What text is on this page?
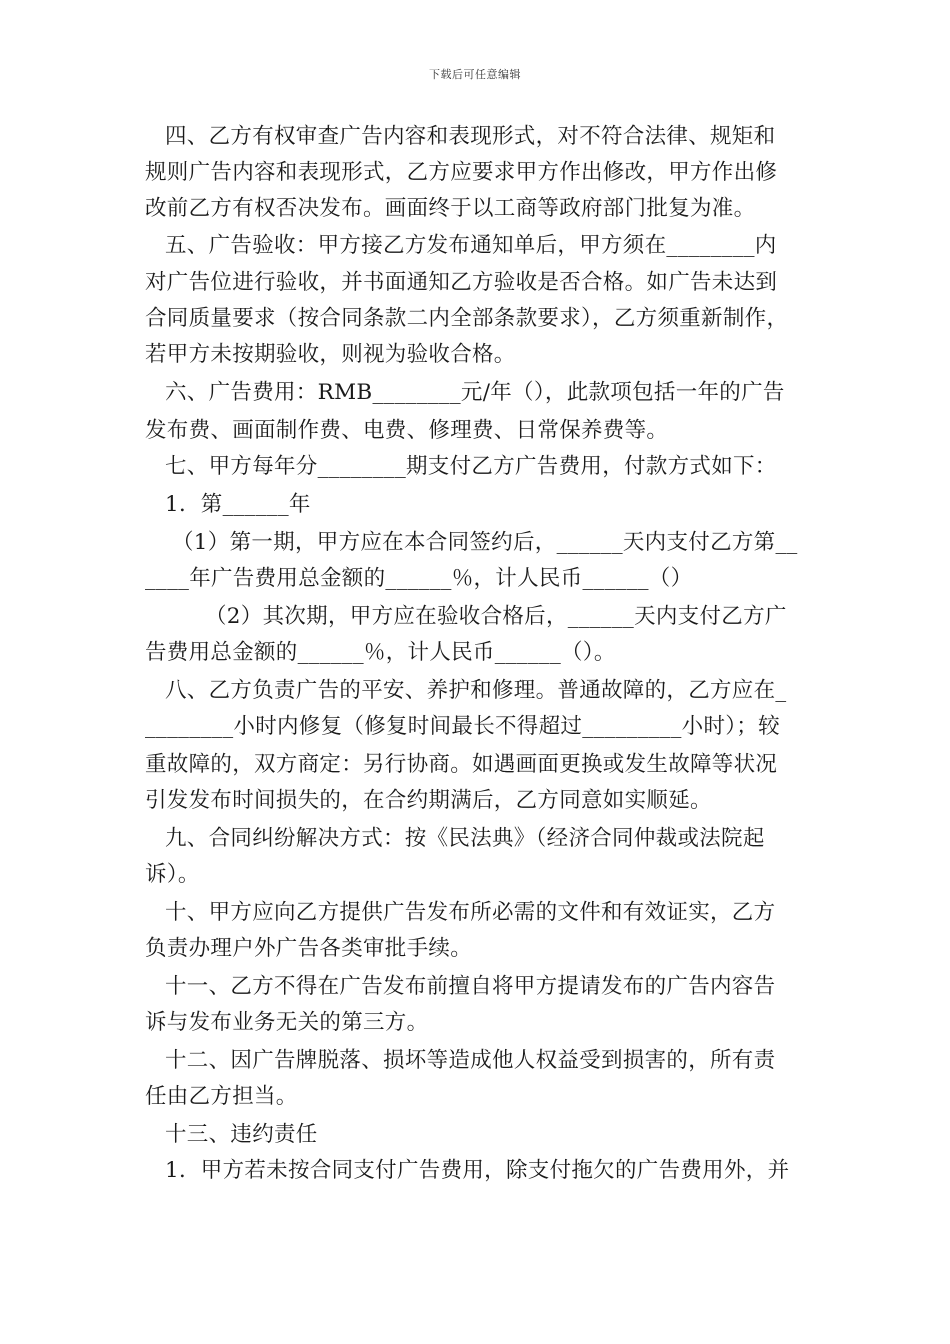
下载后可任意编辑
四、乙方有权审查广告内容和表现形式，对不符合法律、规矩和
规则广告内容和表现形式，乙方应要求甲方作出修改，甲方作出修
改前乙方有权否决发布。画面终于以工商等政府部门批复为准。
五、广告验收：甲方接乙方发布通知单后，甲方须在________内
对广告位进行验收，并书面通知乙方验收是否合格。如广告未达到
合同质量要求（按合同条款二内全部条款要求），乙方须重新制作，
若甲方未按期验收，则视为验收合格。
六、广告费用：RMB________元/年（），此款项包括一年的广告
发布费、画面制作费、电费、修理费、日常保养费等。
七、甲方每年分________期支付乙方广告费用，付款方式如下：
1．第______年
（1）第一期，甲方应在本合同签约后，______天内支付乙方第__
____年广告费用总金额的______％，计人民币______（）
（2）其次期，甲方应在验收合格后，______天内支付乙方广
告费用总金额的______％，计人民币______（）。
八、乙方负责广告的平安、养护和修理。普通故障的，乙方应在_
________小时内修复（修复时间最长不得超过_________小时）；较
重故障的，双方商定：另行协商。如遇画面更换或发生故障等状况
引发发布时间损失的，在合约期满后，乙方同意如实顺延。
九、合同纠纷解决方式：按《民法典》（经济合同仲裁或法院起
诉）。
十、甲方应向乙方提供广告发布所必需的文件和有效证实，乙方
负责办理户外广告各类审批手续。
十一、乙方不得在广告发布前擅自将甲方提请发布的广告内容告
诉与发布业务无关的第三方。
十二、因广告牌脱落、损坏等造成他人权益受到损害的，所有责
任由乙方担当。
十三、违约责任
1．甲方若未按合同支付广告费用，除支付拖欠的广告费用外，并
